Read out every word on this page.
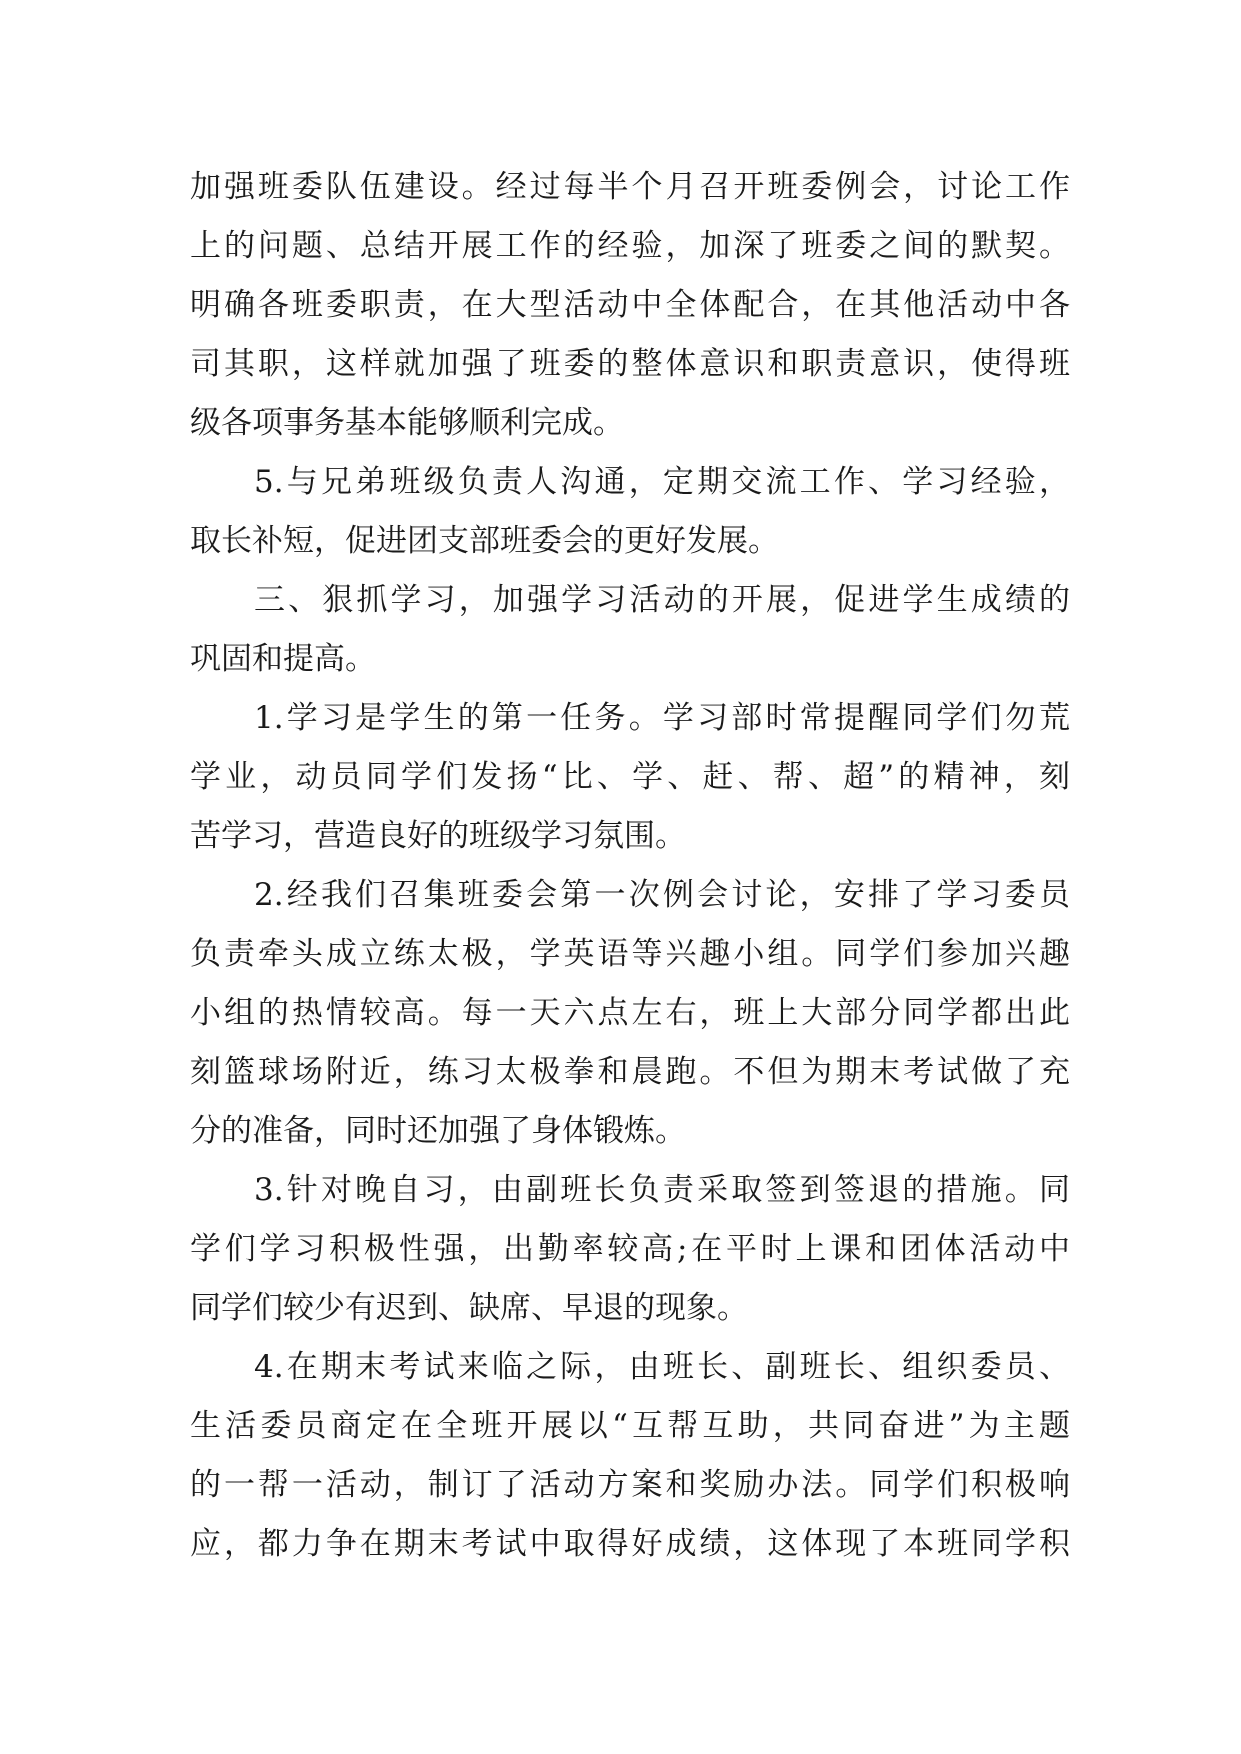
加强班委队伍建设。经过每半个月召开班委例会，讨论工作
上的问题、总结开展工作的经验，加深了班委之间的默契。
明确各班委职责，在大型活动中全体配合，在其他活动中各
司其职，这样就加强了班委的整体意识和职责意识，使得班
级各项事务基本能够顺利完成。
5.与兄弟班级负责人沟通，定期交流工作、学习经验，
取长补短，促进团支部班委会的更好发展。
三、狠抓学习，加强学习活动的开展，促进学生成绩的
巩固和提高。
1.学习是学生的第一任务。学习部时常提醒同学们勿荒
学业，动员同学们发扬“比、学、赶、帮、超”的精神，刻
苦学习，营造良好的班级学习氛围。
2.经我们召集班委会第一次例会讨论，安排了学习委员
负责牵头成立练太极，学英语等兴趣小组。同学们参加兴趣
小组的热情较高。每一天六点左右，班上大部分同学都出此
刻篮球场附近，练习太极拳和晨跑。不但为期末考试做了充
分的准备，同时还加强了身体锻炼。
3.针对晚自习，由副班长负责采取签到签退的措施。同
学们学习积极性强，出勤率较高;在平时上课和团体活动中
同学们较少有迟到、缺席、早退的现象。
4.在期末考试来临之际，由班长、副班长、组织委员、
生活委员商定在全班开展以“互帮互助，共同奋进”为主题
的一帮一活动，制订了活动方案和奖励办法。同学们积极响
应，都力争在期末考试中取得好成绩，这体现了本班同学积
